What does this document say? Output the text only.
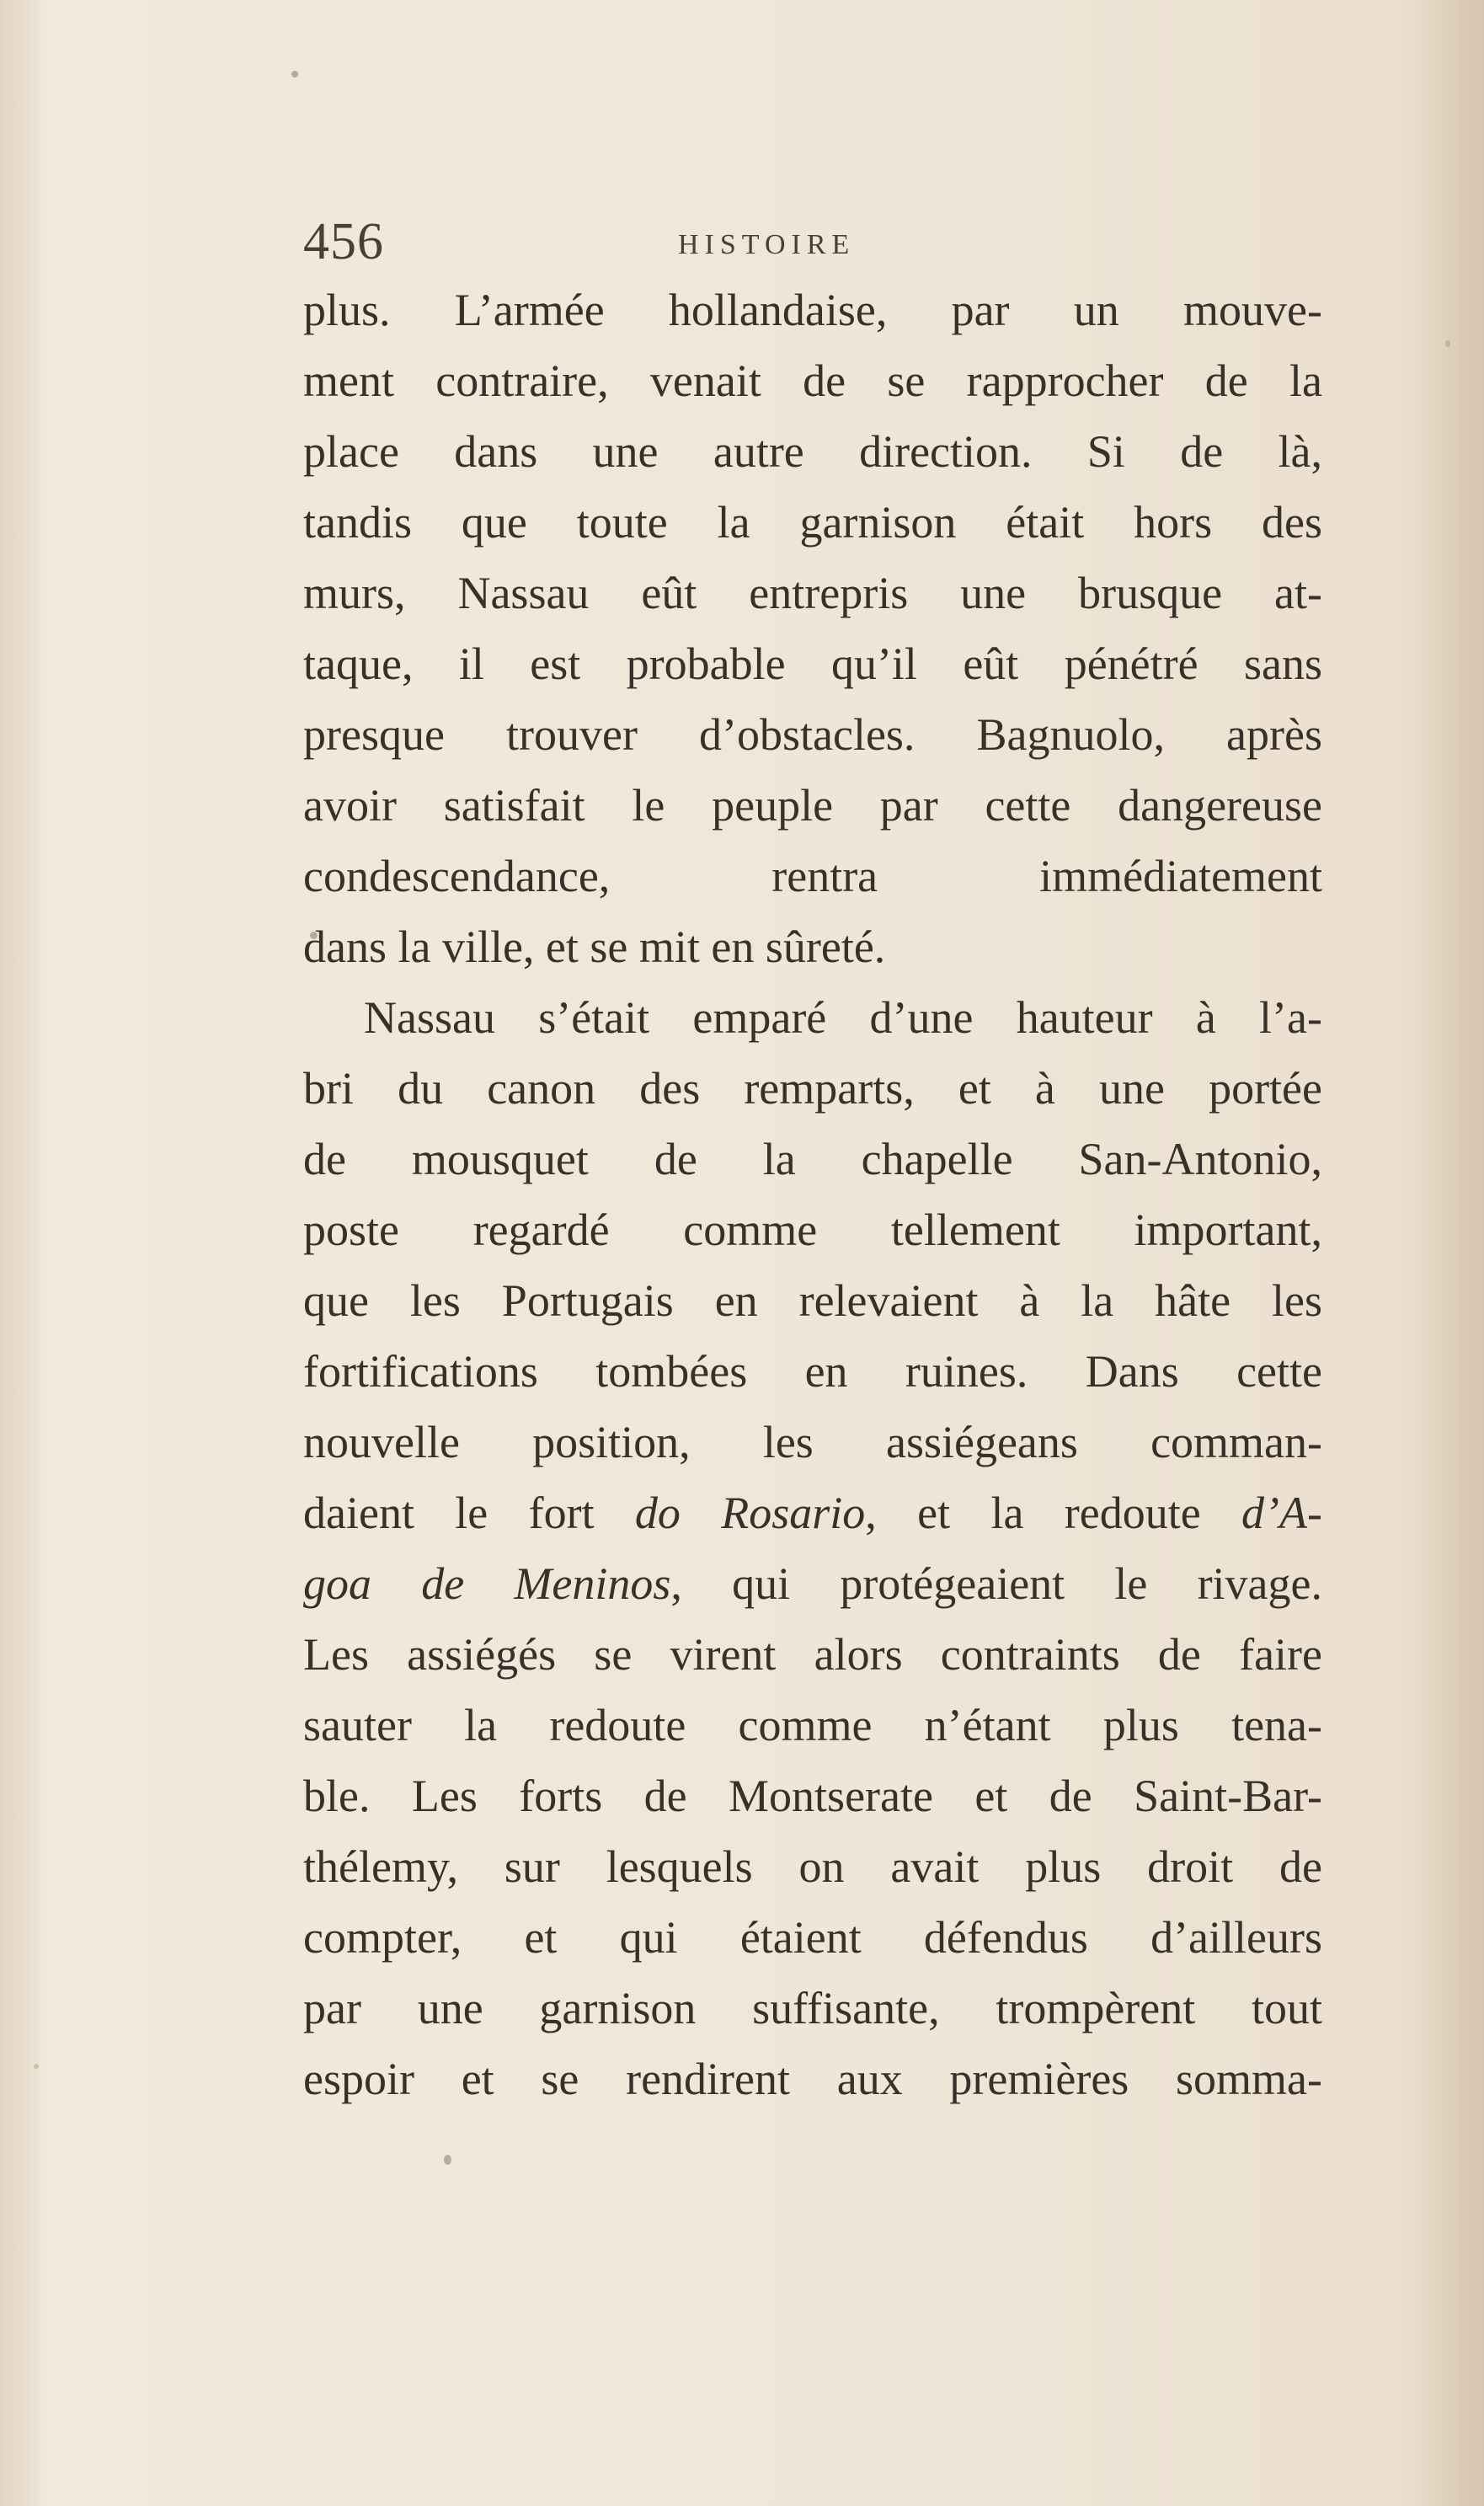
456	HISTOIRE
plus. L’armée hollandaise, par un mouve-
ment contraire, venait de se rapprocher de la
place dans une autre direction. Si de là,
tandis que toute la garnison était hors des
murs, Nassau eût entrepris une brusque at-
taque, il est probable qu’il eût pénétré sans
presque trouver d’obstacles. Bagnuolo, après
avoir satisfait le peuple par cette dangereuse
condescendance, rentra immédiatement
dans la ville, et se mit en sûreté.
Nassau s’était emparé d’une hauteur à l’a-
bri du canon des remparts, et à une portée
de mousquet de la chapelle San-Antonio,
poste regardé comme tellement important,
que les Portugais en relevaient à la hâte les
fortifications tombées en ruines. Dans cette
nouvelle position, les assiégeans comman-
daient le fort do Rosario, et la redoute d’A-
goa de Meninos, qui protégeaient le rivage.
Les assiégés se virent alors contraints de faire
sauter la redoute comme n’étant plus tena-
ble. Les forts de Montserate et de Saint-Bar-
thélemy, sur lesquels on avait plus droit de
compter, et qui étaient défendus d’ailleurs
par une garnison suffisante, trompèrent tout
espoir et se rendirent aux premières somma-
